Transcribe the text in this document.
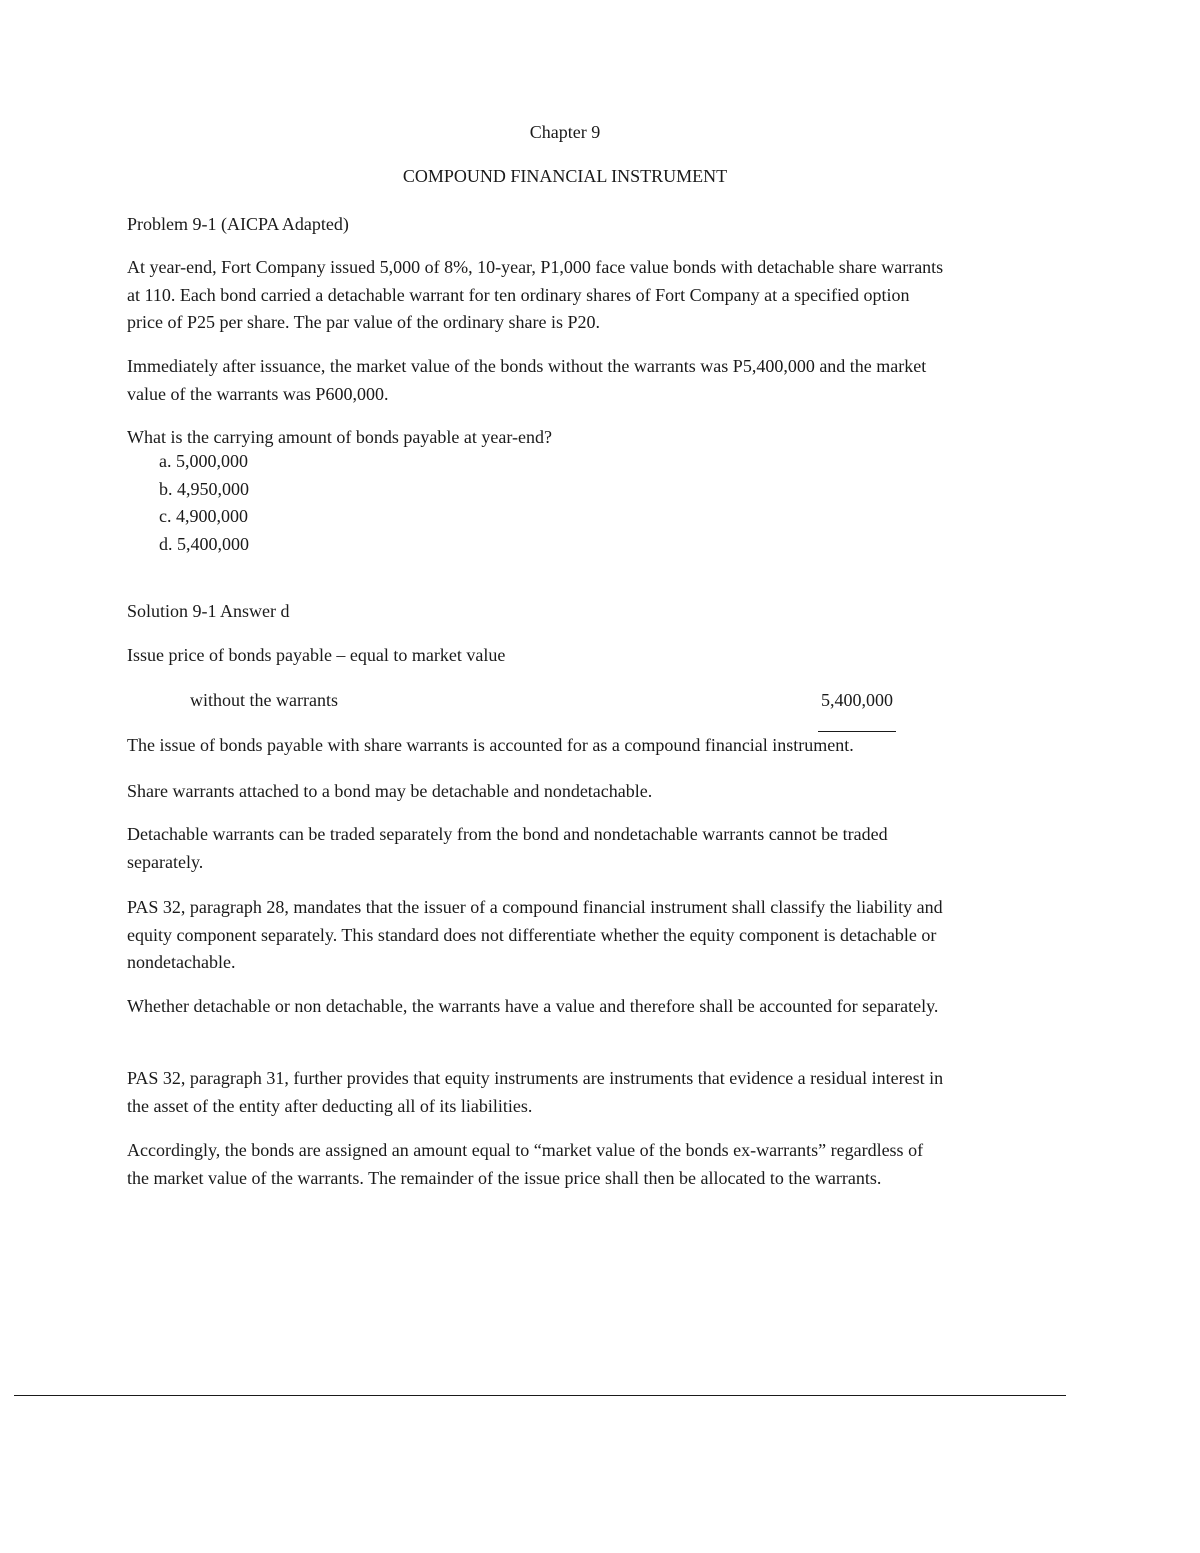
Chapter 9
COMPOUND FINANCIAL INSTRUMENT
Problem 9-1 (AICPA Adapted)
At year-end, Fort Company issued 5,000 of 8%, 10-year, P1,000 face value bonds with detachable share warrants at 110. Each bond carried a detachable warrant for ten ordinary shares of Fort Company at a specified option price of P25 per share. The par value of the ordinary share is P20.
Immediately after issuance, the market value of the bonds without the warrants was P5,400,000 and the market value of the warrants was P600,000.
What is the carrying amount of bonds payable at year-end?
a. 5,000,000
b. 4,950,000
c. 4,900,000
d. 5,400,000
Solution 9-1 Answer d
Issue price of bonds payable – equal to market value
without the warrants	5,400,000
The issue of bonds payable with share warrants is accounted for as a compound financial instrument.
Share warrants attached to a bond may be detachable and nondetachable.
Detachable warrants can be traded separately from the bond and nondetachable warrants cannot be traded separately.
PAS 32, paragraph 28, mandates that the issuer of a compound financial instrument shall classify the liability and equity component separately. This standard does not differentiate whether the equity component is detachable or nondetachable.
Whether detachable or non detachable, the warrants have a value and therefore shall be accounted for separately.
PAS 32, paragraph 31, further provides that equity instruments are instruments that evidence a residual interest in the asset of the entity after deducting all of its liabilities.
Accordingly, the bonds are assigned an amount equal to “market value of the bonds ex-warrants” regardless of the market value of the warrants. The remainder of the issue price shall then be allocated to the warrants.
